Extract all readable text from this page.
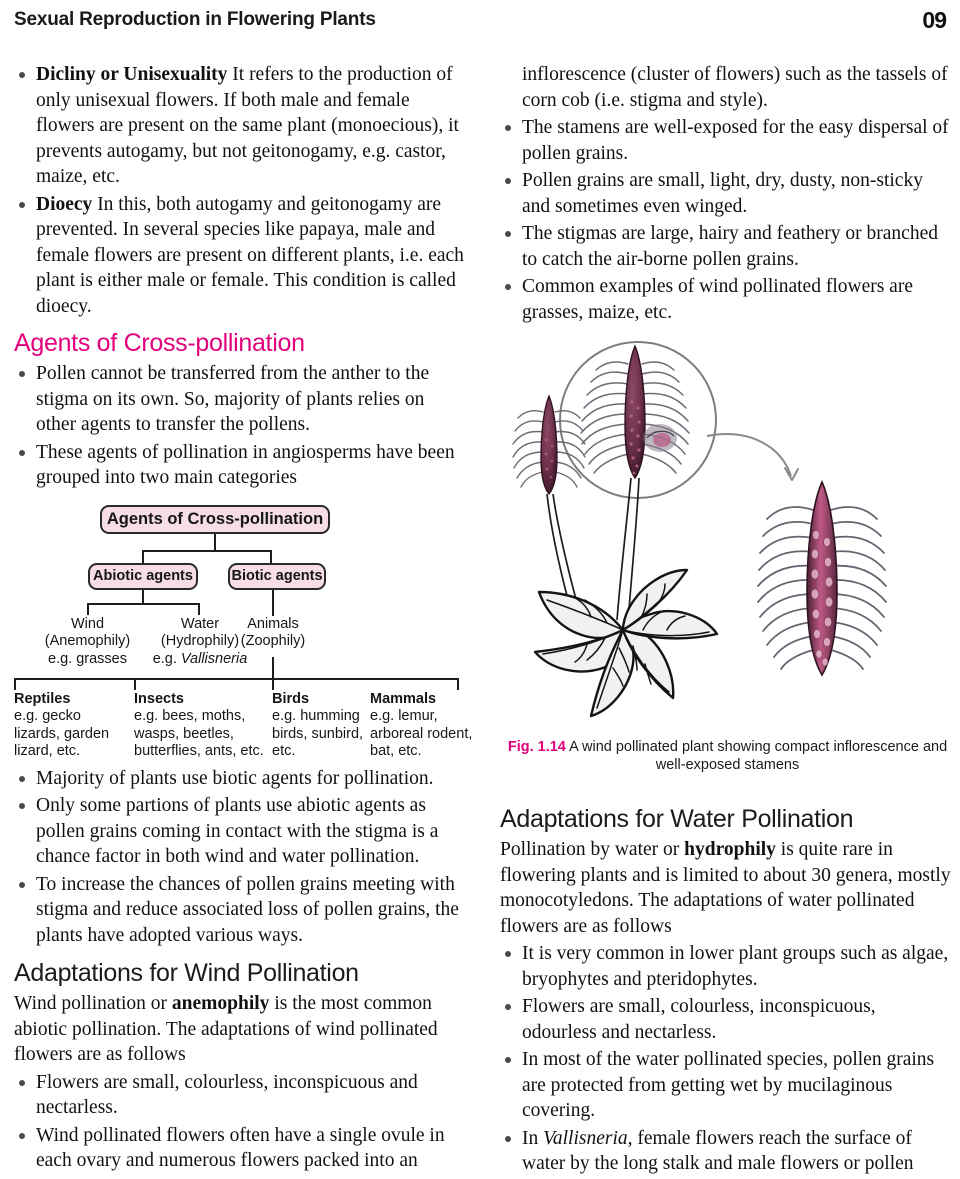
Sexual Reproduction in Flowering Plants	09
Dicliny or Unisexuality It refers to the production of only unisexual flowers. If both male and female flowers are present on the same plant (monoecious), it prevents autogamy, but not geitonogamy, e.g. castor, maize, etc.
Dioecy In this, both autogamy and geitonogamy are prevented. In several species like papaya, male and female flowers are present on different plants, i.e. each plant is either male or female. This condition is called dioecy.
Agents of Cross-pollination
Pollen cannot be transferred from the anther to the stigma on its own. So, majority of plants relies on other agents to transfer the pollens.
These agents of pollination in angiosperms have been grouped into two main categories
Agents of Cross-pollination
Abiotic agents	Biotic agents
Wind
(Anemophily)
e.g. grasses
Water
(Hydrophily)
e.g. Vallisneria
Animals
(Zoophily)
Reptiles
e.g. gecko lizards, garden lizard, etc.
Insects
e.g. bees, moths, wasps, beetles, butterflies, ants, etc.
Birds
e.g. humming birds, sunbird, etc.
Mammals
e.g. lemur, arboreal rodent, bat, etc.
Majority of plants use biotic agents for pollination.
Only some partions of plants use abiotic agents as pollen grains coming in contact with the stigma is a chance factor in both wind and water pollination.
To increase the chances of pollen grains meeting with stigma and reduce associated loss of pollen grains, the plants have adopted various ways.
Adaptations for Wind Pollination

Wind pollination or anemophily is the most common abiotic pollination. The adaptations of wind pollinated flowers are as follows

Flowers are small, colourless, inconspicuous and nectarless.
Wind pollinated flowers often have a single ovule in each ovary and numerous flowers packed into an

inflorescence (cluster of flowers) such as the tassels of corn cob (i.e. stigma and style).

The stamens are well-exposed for the easy dispersal of pollen grains.
Pollen grains are small, light, dry, dusty, non-sticky and sometimes even winged.
The stigmas are large, hairy and feathery or branched to catch the air-borne pollen grains.
Common examples of wind pollinated flowers are grasses, maize, etc.
Fig. 1.14 A wind pollinated plant showing compact inflorescence and well-exposed stamens
Adaptations for Water Pollination

Pollination by water or hydrophily is quite rare in flowering plants and is limited to about 30 genera, mostly monocotyledons. The adaptations of water pollinated flowers are as follows

It is very common in lower plant groups such as algae, bryophytes and pteridophytes.
Flowers are small, colourless, inconspicuous, odourless and nectarless.
In most of the water pollinated species, pollen grains are protected from getting wet by mucilaginous covering.
In Vallisneria, female flowers reach the surface of water by the long stalk and male flowers or pollen
